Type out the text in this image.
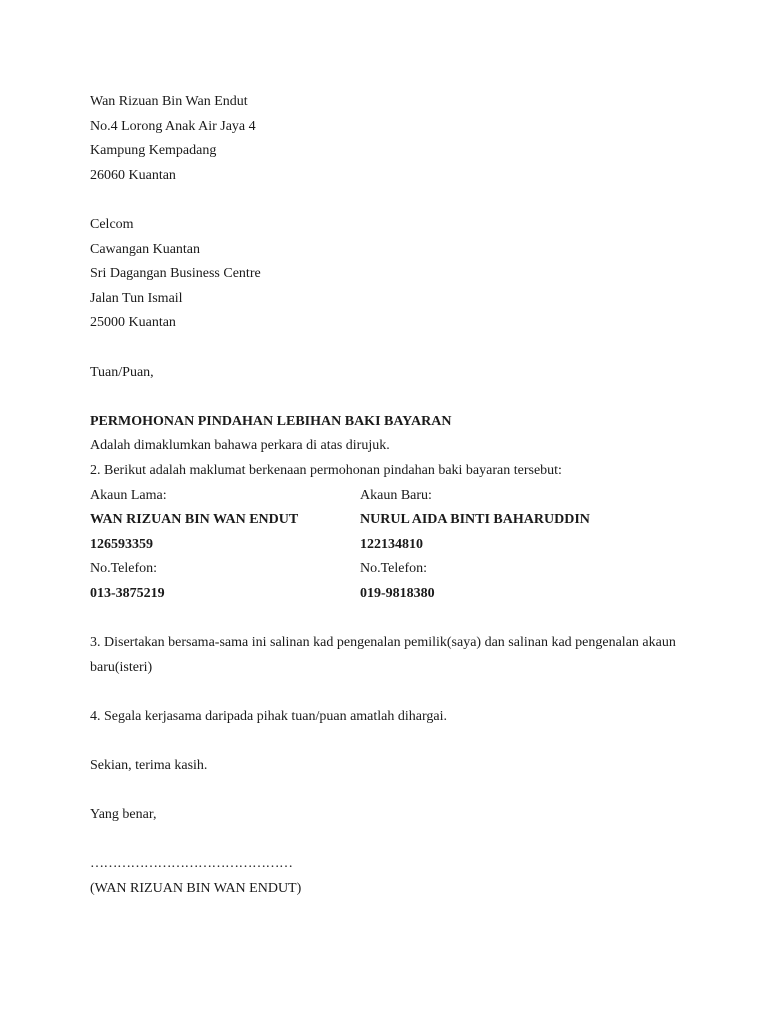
Wan Rizuan Bin Wan Endut
No.4 Lorong Anak Air Jaya 4
Kampung Kempadang
26060 Kuantan
Celcom
Cawangan Kuantan
Sri Dagangan Business Centre
Jalan Tun Ismail
25000 Kuantan
Tuan/Puan,
PERMOHONAN PINDAHAN LEBIHAN BAKI BAYARAN
Adalah dimaklumkan bahawa perkara di atas dirujuk.
2. Berikut adalah maklumat berkenaan permohonan pindahan baki bayaran tersebut:
Akaun Lama:	Akaun Baru:
WAN RIZUAN BIN WAN ENDUT	NURUL AIDA BINTI BAHARUDDIN
126593359	122134810
No.Telefon:	No.Telefon:
013-3875219	019-9818380
3. Disertakan bersama-sama ini salinan kad pengenalan pemilik(saya) dan salinan kad pengenalan akaun baru(isteri)
4. Segala kerjasama daripada pihak tuan/puan amatlah dihargai.
Sekian, terima kasih.
Yang benar,
………………………………………
(WAN RIZUAN BIN WAN ENDUT)
